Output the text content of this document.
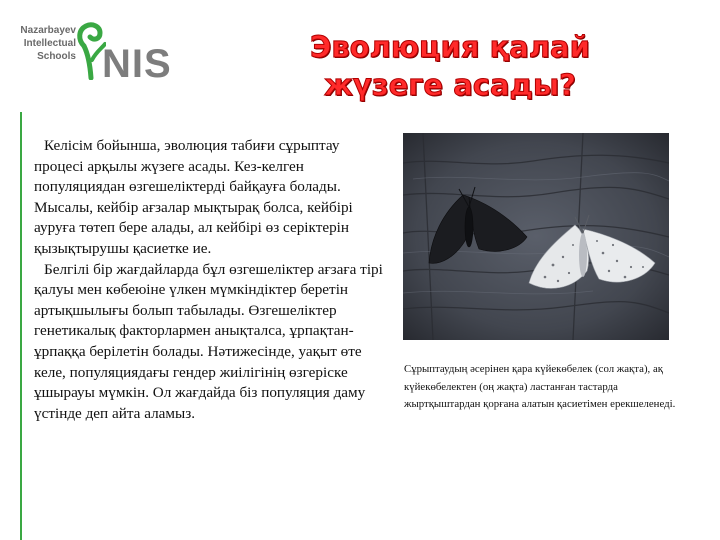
Nazarbayev
Intellectual
Schools NIS	Эволюция қалай
жүзеге асады?

Келісім бойынша, эволюция табиғи сұрыптау процесі арқылы жүзеге асады. Кез-келген популяциядан өзгешеліктерді байқауға болады. Мысалы, кейбір ағзалар мықтырақ болса, кейбірі ауруға төтеп бере алады, ал кейбірі өз серіктерін қызықтырушы қасиетке ие.

Белгілі бір жағдайларда бұл өзгешеліктер ағзаға тірі қалуы мен көбеюіне үлкен мүмкіндіктер беретін артықшылығы болып табылады. Өзгешеліктер генетикалық факторлармен анықталса, ұрпақтан-ұрпаққа берілетін болады. Нәтижесінде, уақыт өте келе, популяциядағы гендер жиілігінің өзгеріске ұшырауы мүмкін. Ол жағдайда біз популяция даму үстінде деп айта аламыз.

Сұрыптаудың әсерінен қара күйекөбелек (сол жақта), ақ күйекөбелектен (оң жақта) ластанған тастарда жыртқыштардан қорғана алатын қасиетімен ерекшеленеді.
